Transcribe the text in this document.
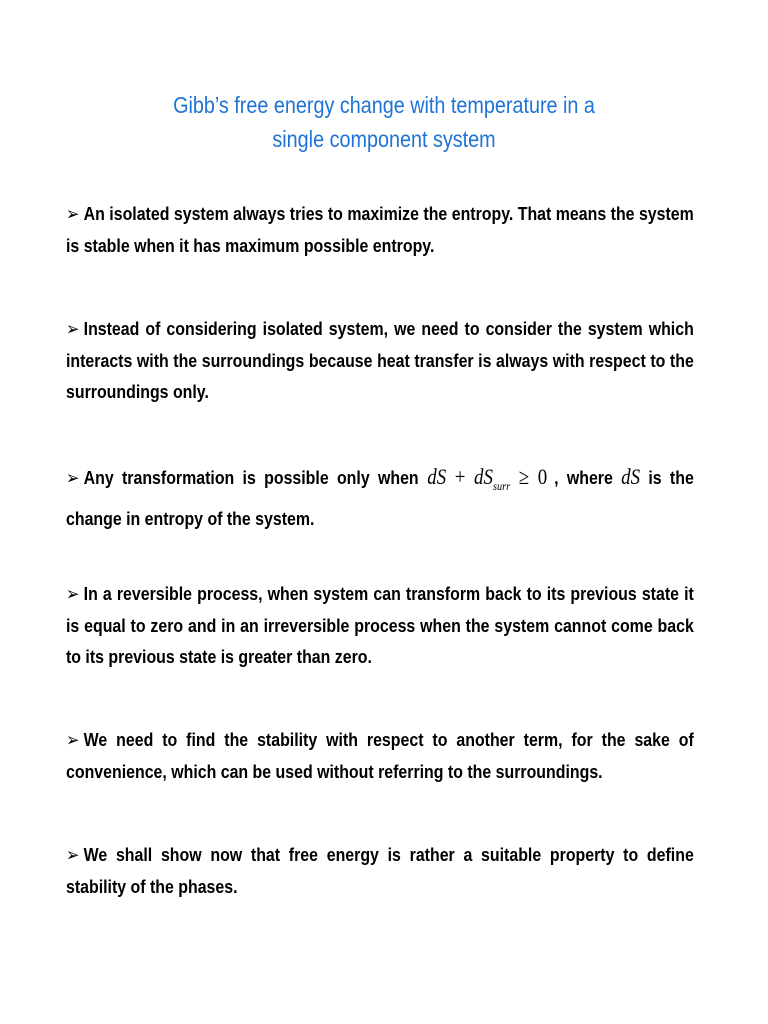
Gibb’s free energy change with temperature in a
single component system
➢ An isolated system always tries to maximize the entropy. That means the system is stable when it has maximum possible entropy.
➢ Instead of considering isolated system, we need to consider the system which interacts with the surroundings because heat transfer is always with respect to the surroundings only.
➢ Any transformation is possible only when dS + $dS_{surr} \ge 0$ , where dS is the change in entropy of the system.
➢ In a reversible process, when system can transform back to its previous state it is equal to zero and in an irreversible process when the system cannot come back to its previous state is greater than zero.
➢ We need to find the stability with respect to another term, for the sake of convenience, which can be used without referring to the surroundings.
➢ We shall show now that free energy is rather a suitable property to define stability of the phases.
